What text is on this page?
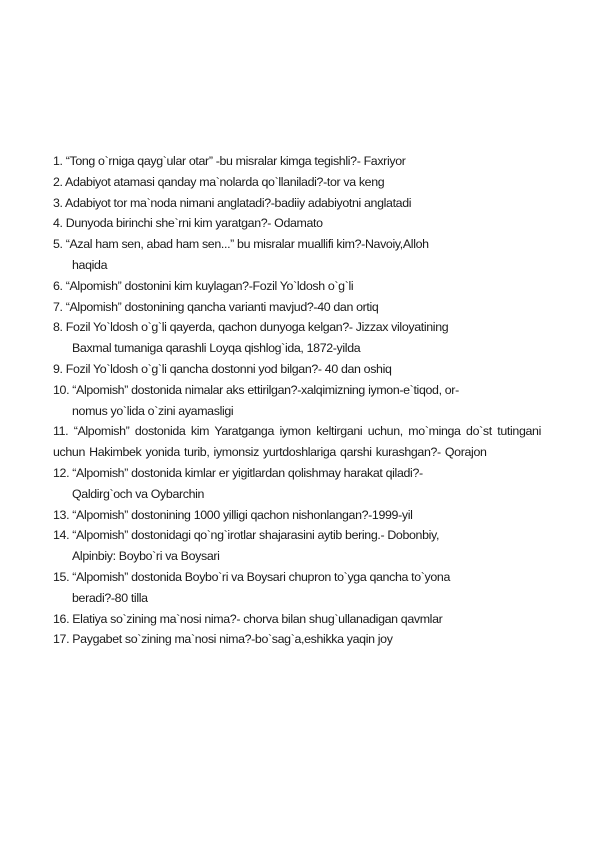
1. “Tong o`rniga qayg`ular otar” -bu misralar kimga tegishli?- Faxriyor
2. Adabiyot atamasi qanday ma`nolarda qo`llaniladi?-tor va keng
3. Adabiyot tor ma`noda nimani anglatadi?-badiiy adabiyotni anglatadi
4. Dunyoda birinchi she`rni kim yaratgan?- Odamato
5. “Azal ham sen, abad ham sen...” bu misralar muallifi kim?-Navoiy,Alloh
haqida
6. “Alpomish” dostonini kim kuylagan?-Fozil Yo`ldosh o`g`li
7. “Alpomish” dostonining qancha varianti mavjud?-40 dan ortiq
8. Fozil Yo`ldosh o`g`li qayerda, qachon dunyoga kelgan?- Jizzax viloyatining
Baxmal tumaniga qarashli Loyqa qishlog`ida, 1872-yilda
9. Fozil Yo`ldosh o`g`li qancha dostonni yod bilgan?- 40 dan oshiq
10. “Alpomish” dostonida nimalar aks ettirilgan?-xalqimizning iymon-e`tiqod, or-
nomus yo`lida o`zini ayamasligi
11. “Alpomish” dostonida kim Yaratganga iymon keltirgani uchun, mo`minga do`st tutingani uchun Hakimbek yonida turib, iymonsiz yurtdoshlariga qarshi kurashgan?- Qorajon
12. “Alpomish” dostonida kimlar er yigitlardan qolishmay harakat qiladi?-
Qaldirg`och va Oybarchin
13. “Alpomish” dostonining 1000 yilligi qachon nishonlangan?-1999-yil
14. “Alpomish” dostonidagi qo`ng`irotlar shajarasini aytib bering.- Dobonbiy,
Alpinbiy: Boybo`ri va Boysari
15. “Alpomish” dostonida Boybo`ri va Boysari chupron to`yga qancha to`yona
beradi?-80 tilla
16. Elatiya so`zining ma`nosi nima?- chorva bilan shug`ullanadigan qavmlar
17. Paygabet so`zining ma`nosi nima?-bo`sag`a,eshikka yaqin joy
